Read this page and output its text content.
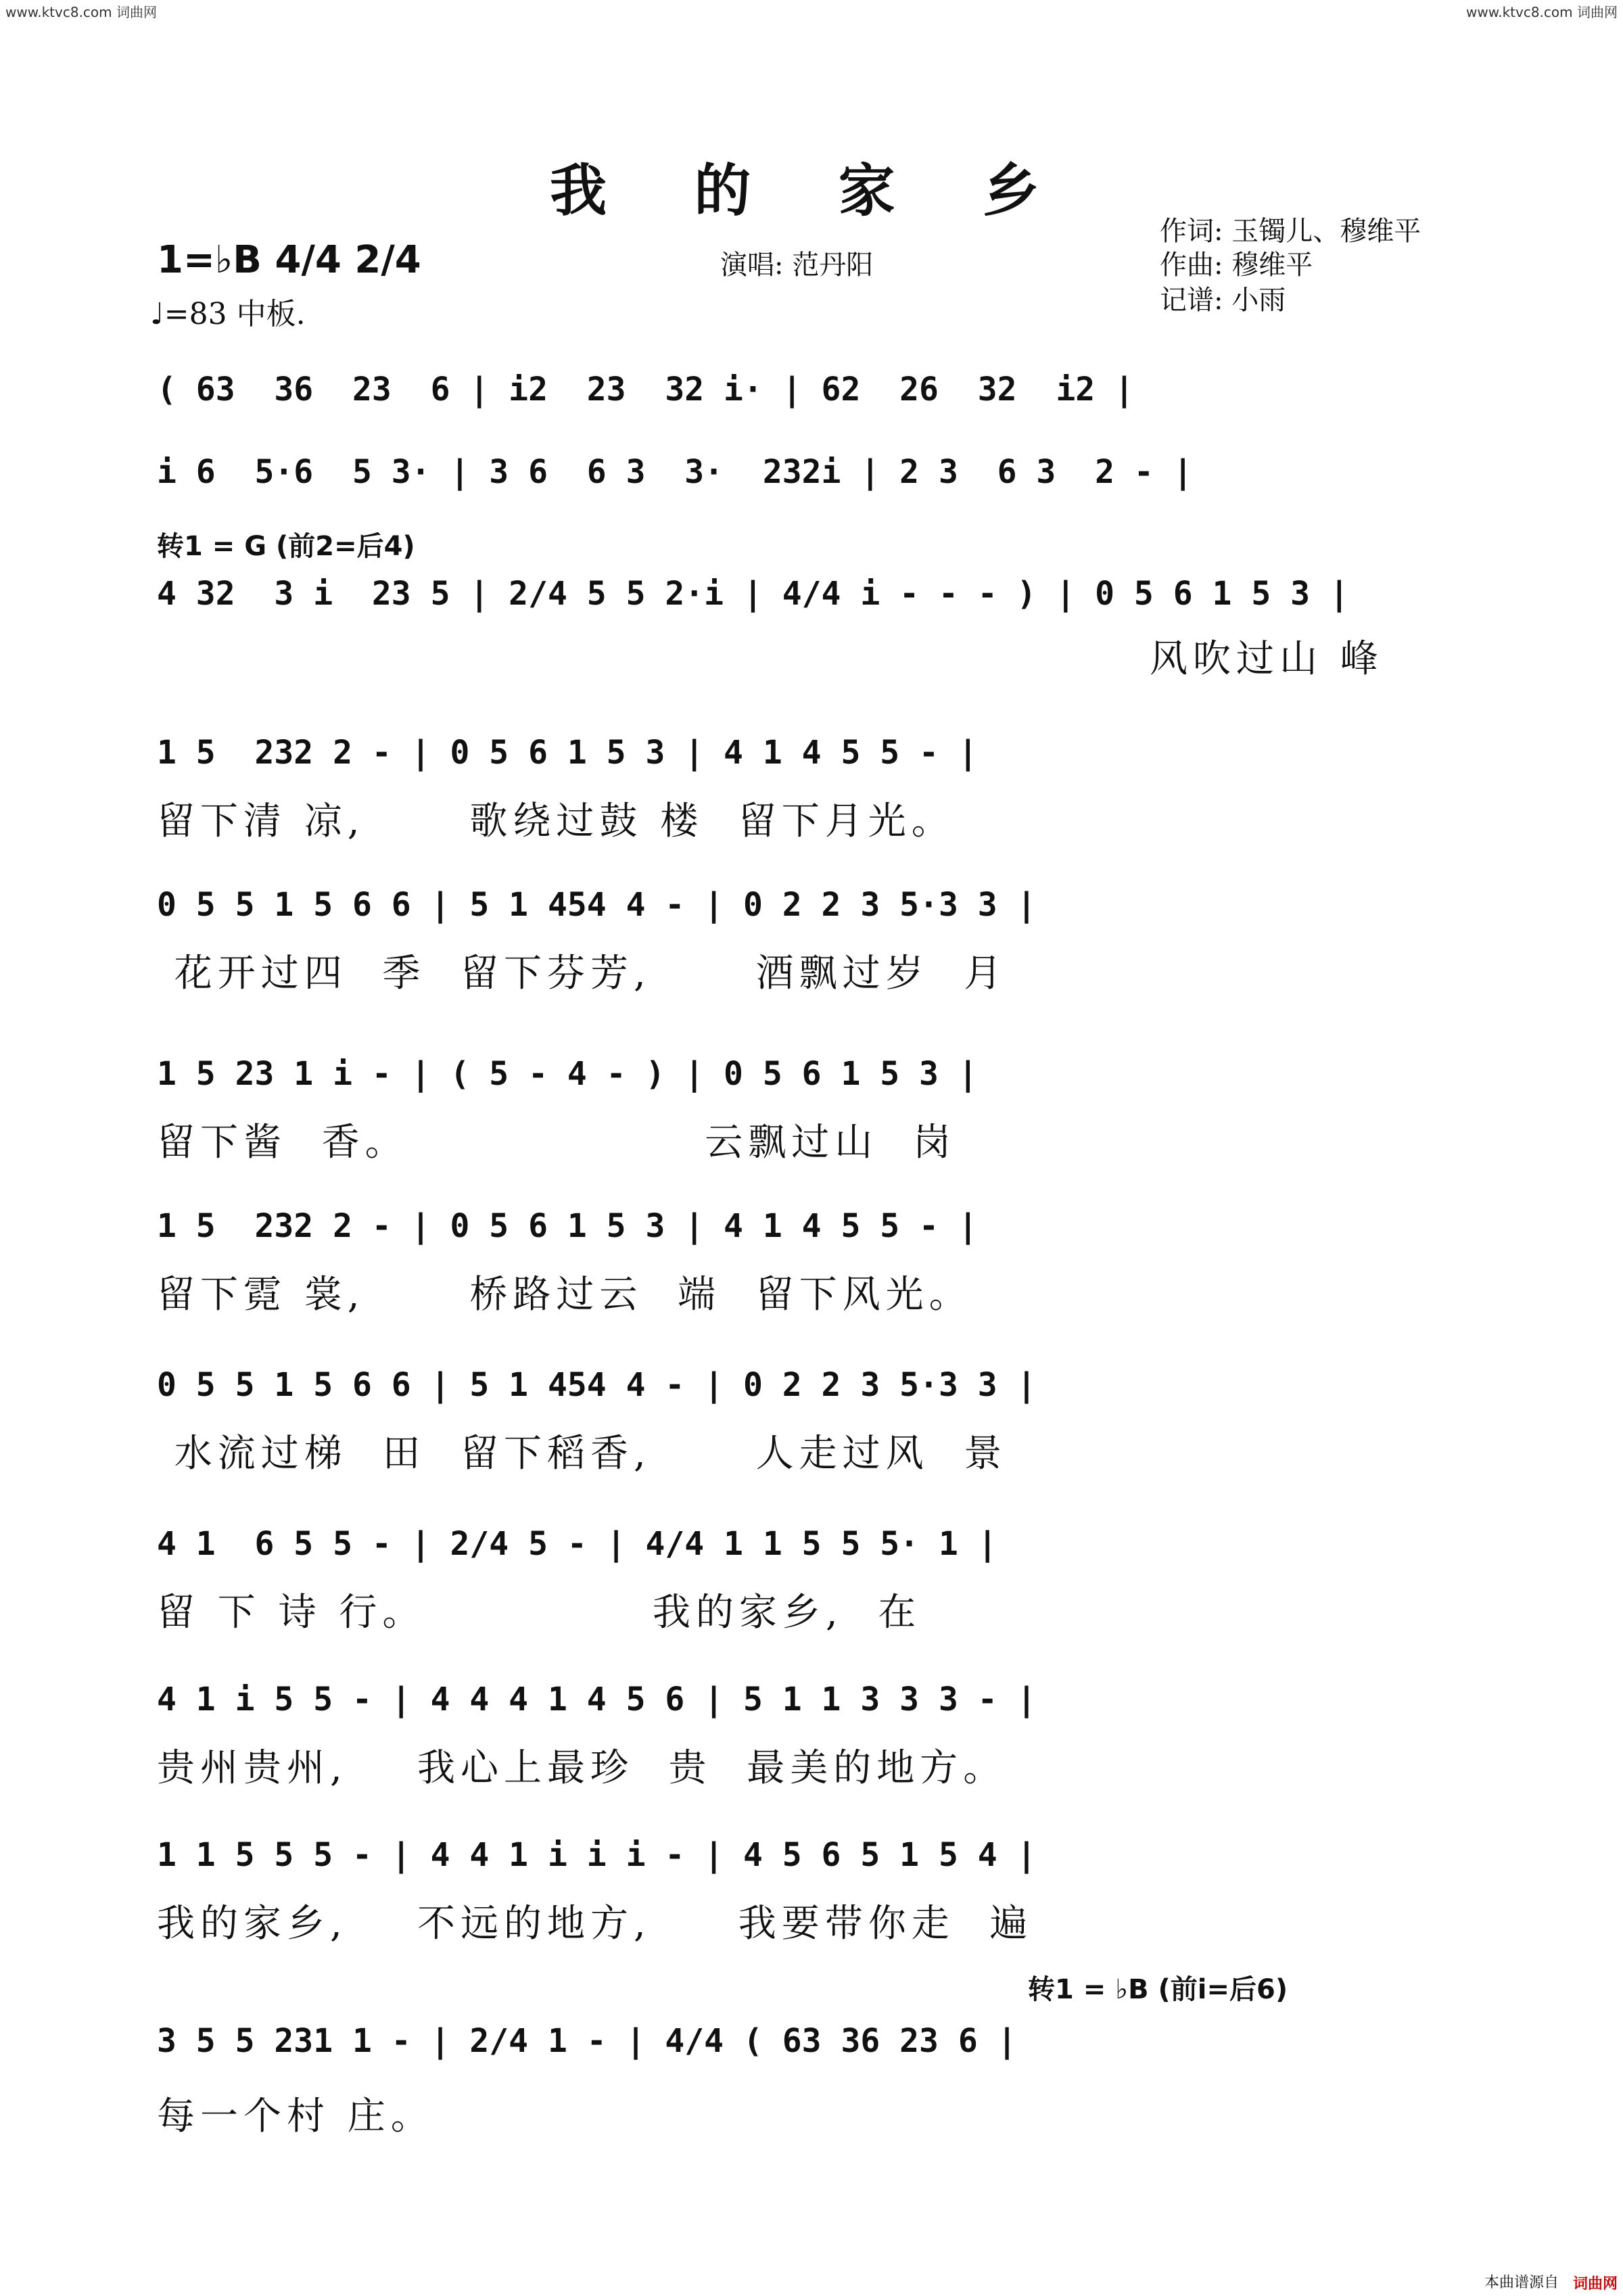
www.ktvc8.com 词曲网	www.ktvc8.com 词曲网
我 的 家 乡
1=♭B 4/4 2/4
♩=83 中板.
演唱: 范丹阳
作词: 玉镯儿、穆维平
作曲: 穆维平
记谱: 小雨
转1 = G (前2=后4)
转1 = ♭B (前i=后6)
( 63  36  23  6 | i2  23  32 i· | 62  26  32  i2 |
i 6  5·6  5 3· | 3 6  6 3  3·  232i | 2 3  6 3  2 - |
4 32  3 i  23 5 | 2/4 5 5 2·i | 4/4 i - - - ) | 0 5 6 1 5 3 |
风吹过山 峰
1 5  232 2 - | 0 5 6 1 5 3 | 4 1 4 5 5 - |
留下清 凉,      歌绕过鼓 楼  留下月光。
0 5 5 1 5 6 6 | 5 1 454 4 - | 0 2 2 3 5·3 3 |
花开过四  季  留下芬芳,      酒飘过岁  月
1 5 23 1 i - | ( 5 - 4 - ) | 0 5 6 1 5 3 |
留下酱  香。                 云飘过山  岗
1 5  232 2 - | 0 5 6 1 5 3 | 4 1 4 5 5 - |
留下霓 裳,      桥路过云  端  留下风光。
0 5 5 1 5 6 6 | 5 1 454 4 - | 0 2 2 3 5·3 3 |
水流过梯  田  留下稻香,      人走过风  景
4 1  6 5 5 - | 2/4 5 - | 4/4 1 1 5 5 5· 1 |
留 下 诗 行。             我的家乡,  在
4 1 i 5 5 - | 4 4 4 1 4 5 6 | 5 1 1 3 3 3 - |
贵州贵州,    我心上最珍  贵  最美的地方。
1 1 5 5 5 - | 4 4 1 i i i - | 4 5 6 5 1 5 4 |
我的家乡,    不远的地方,     我要带你走  遍
3 5 5 231 1 - | 2/4 1 - | 4/4 ( 63 36 23 6 |
每一个村 庄。
本曲谱源自 词曲网
